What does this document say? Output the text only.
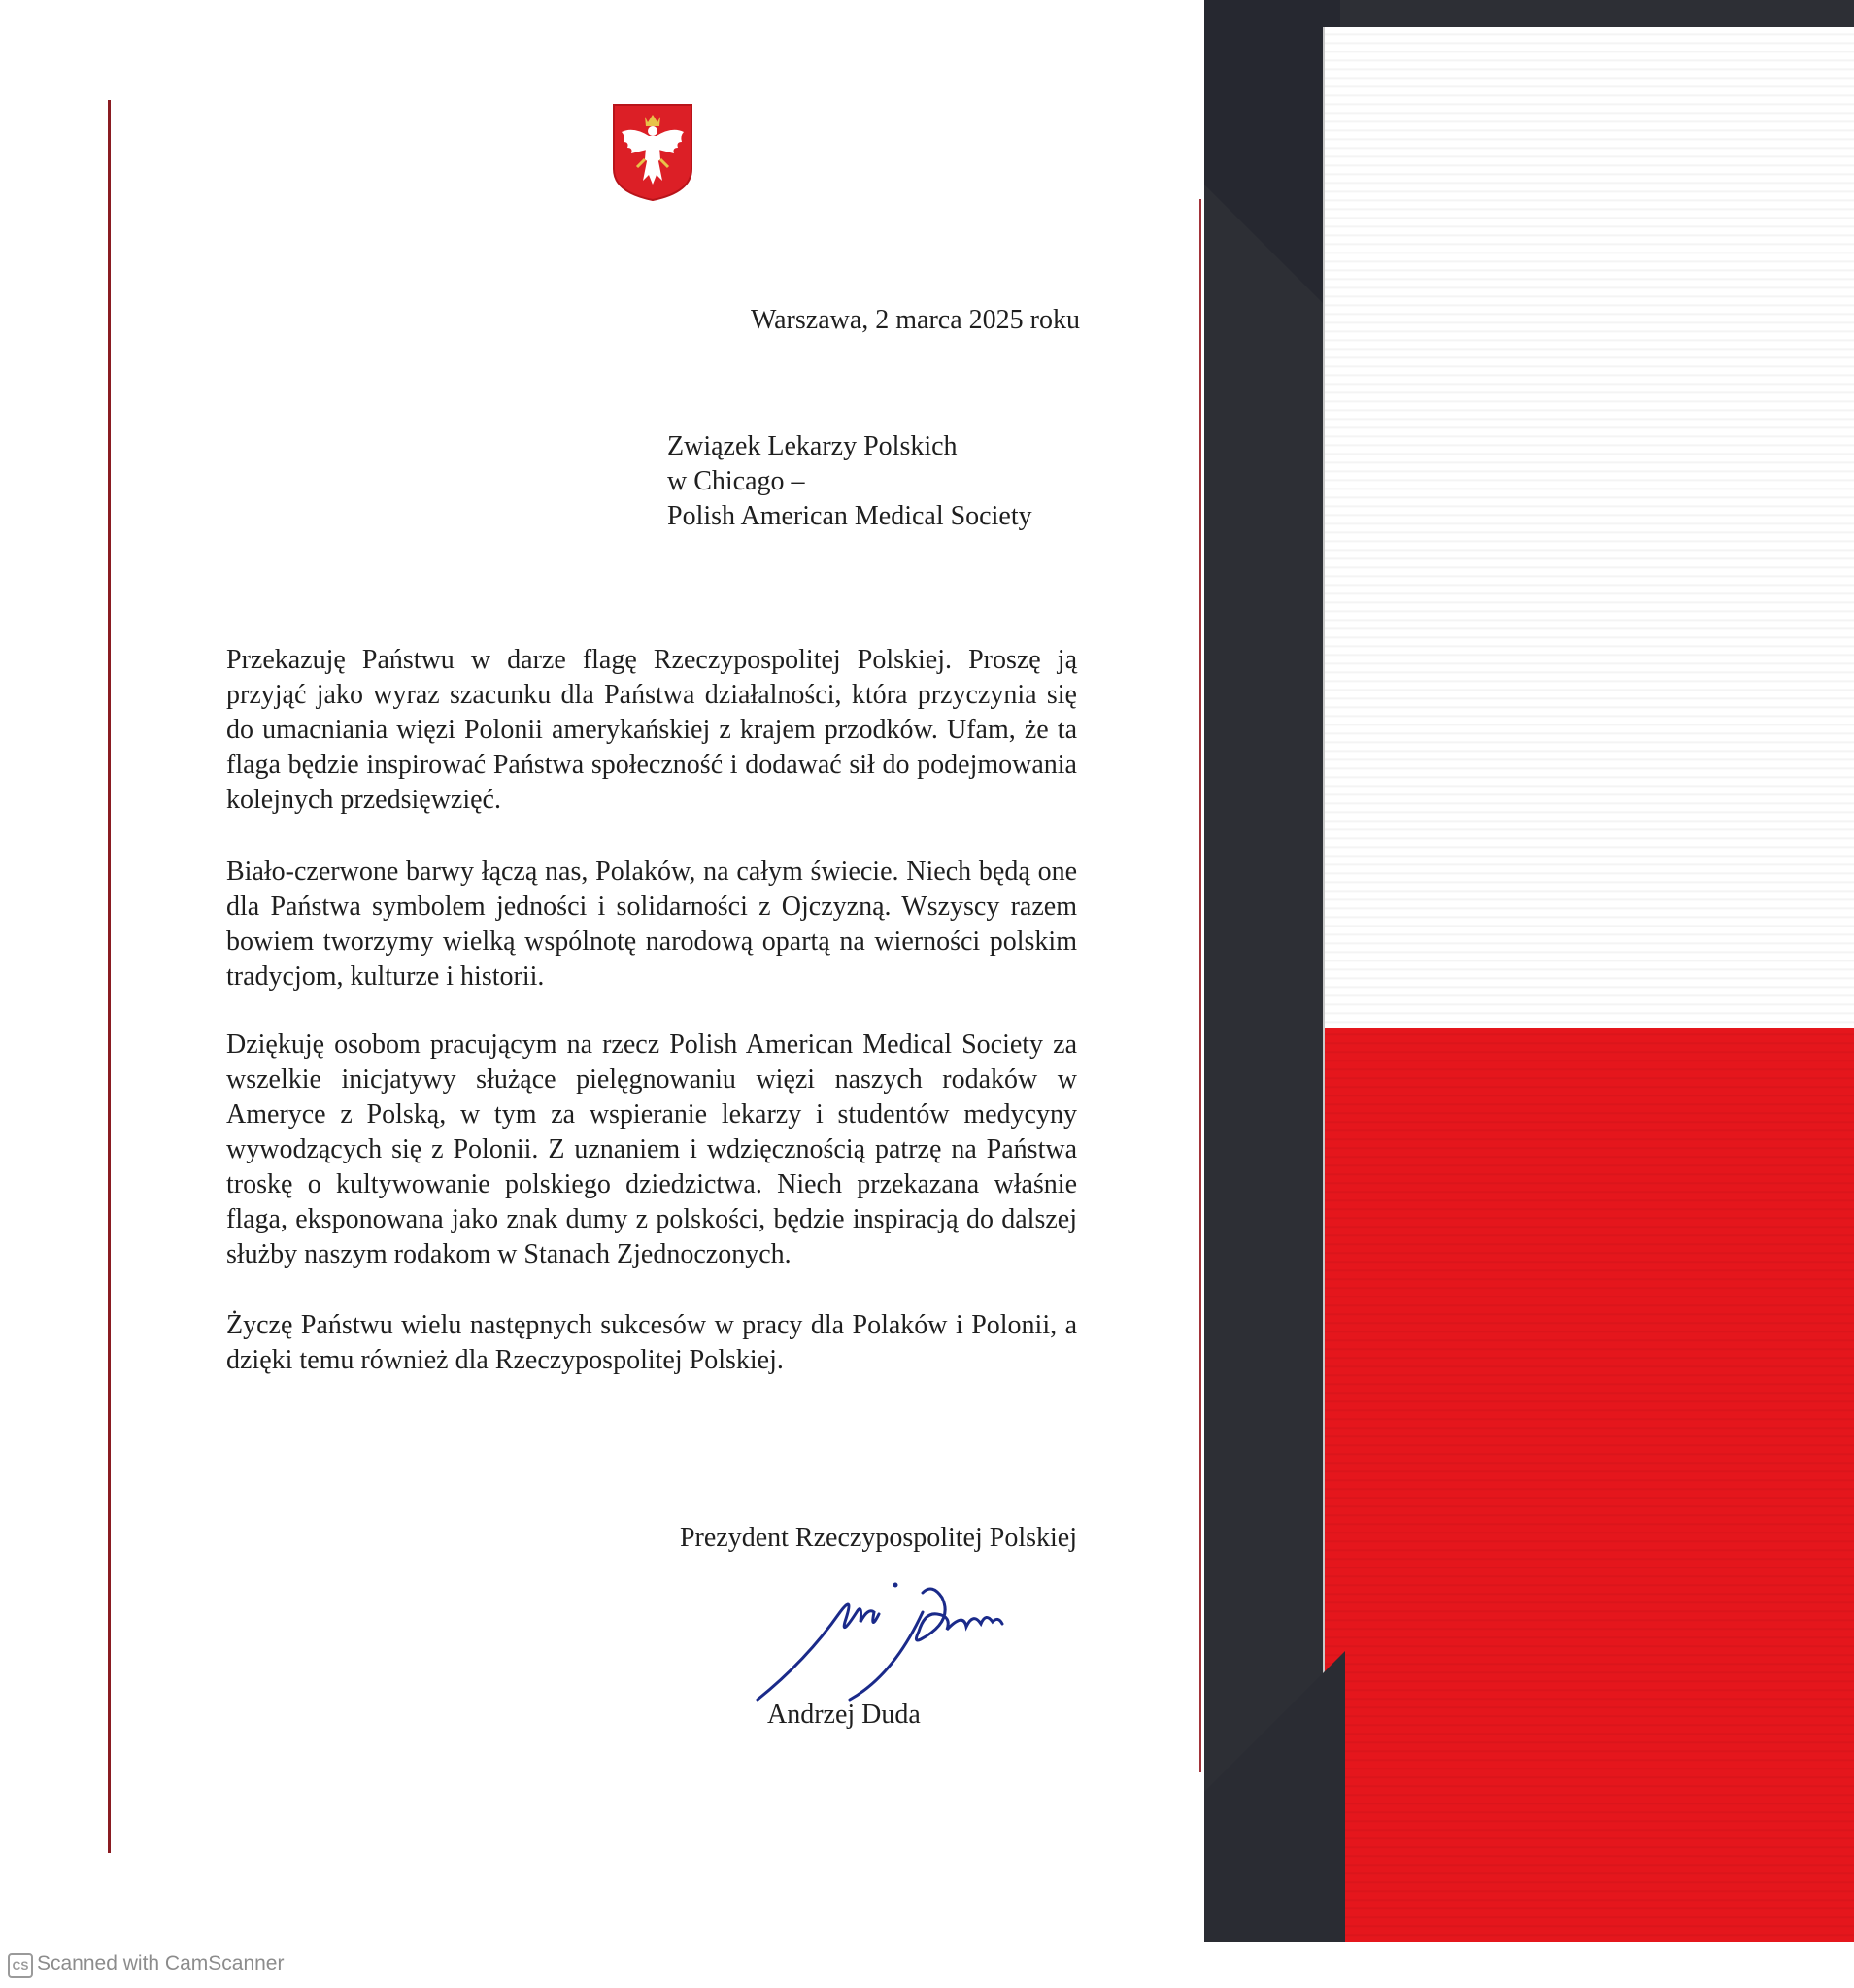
Warszawa, 2 marca 2025 roku
Związek Lekarzy Polskich
w Chicago –
Polish American Medical Society
Przekazuję Państwu w darze flagę Rzeczypospolitej Polskiej. Proszę ją przyjąć jako wyraz szacunku dla Państwa działalności, która przyczynia się do umacniania więzi Polonii amerykańskiej z krajem przodków. Ufam, że ta flaga będzie inspirować Państwa społeczność i dodawać sił do podejmowania kolejnych przedsięwzięć.
Biało-czerwone barwy łączą nas, Polaków, na całym świecie. Niech będą one dla Państwa symbolem jedności i solidarności z Ojczyzną. Wszyscy razem bowiem tworzymy wielką wspólnotę narodową opartą na wierności polskim tradycjom, kulturze i historii.
Dziękuję osobom pracującym na rzecz Polish American Medical Society za wszelkie inicjatywy służące pielęgnowaniu więzi naszych rodaków w Ameryce z Polską, w tym za wspieranie lekarzy i studentów medycyny wywodzących się z Polonii. Z uznaniem i wdzięcznością patrzę na Państwa troskę o kultywowanie polskiego dziedzictwa. Niech przekazana właśnie flaga, eksponowana jako znak dumy z polskości, będzie inspiracją do dalszej służby naszym rodakom w Stanach Zjednoczonych.
Życzę Państwu wielu następnych sukcesów w pracy dla Polaków i Polonii, a dzięki temu również dla Rzeczypospolitej Polskiej.
Prezydent Rzeczypospolitej Polskiej
Andrzej Duda
CS Scanned with CamScanner
